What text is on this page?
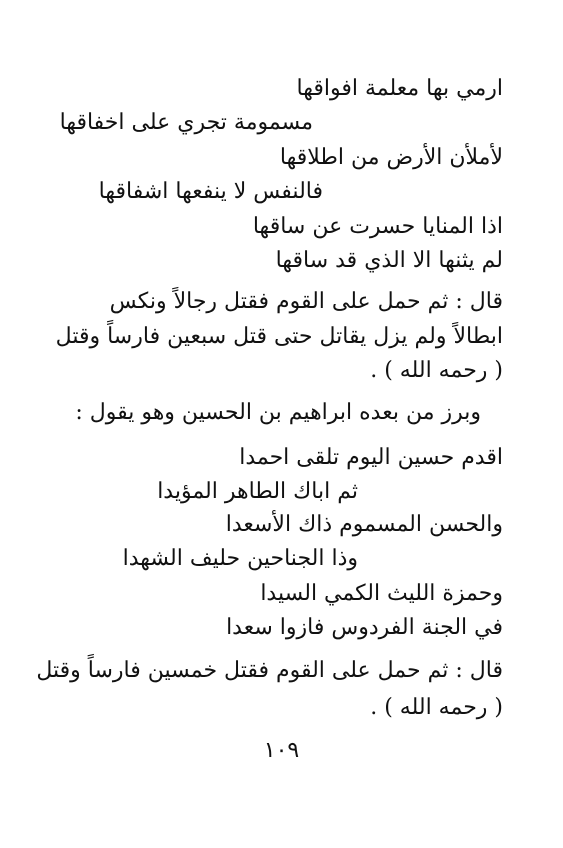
ارمي بها معلمة افواقها
مسمومة تجري على اخفاقها
لأملأن الأرض من اطلاقها
فالنفس لا ينفعها اشفاقها
اذا المنايا حسرت عن ساقها
لم يثنها الا الذي قد ساقها
قال : ثم حمل على القوم فقتل رجالاً ونكس
ابطالاً ولم يزل يقاتل حتى قتل سبعين فارساً وقتل
( رحمه الله ) .
وبرز من بعده ابراهيم بن الحسين وهو يقول :
اقدم حسين اليوم تلقى احمدا
ثم اباك الطاهر المؤيدا
والحسن المسموم ذاك الأسعدا
وذا الجناحين حليف الشهدا
وحمزة الليث الكمي السيدا
في الجنة الفردوس فازوا سعدا
قال : ثم حمل على القوم فقتل خمسين فارساً وقتل
( رحمه الله ) .
١٠٩
